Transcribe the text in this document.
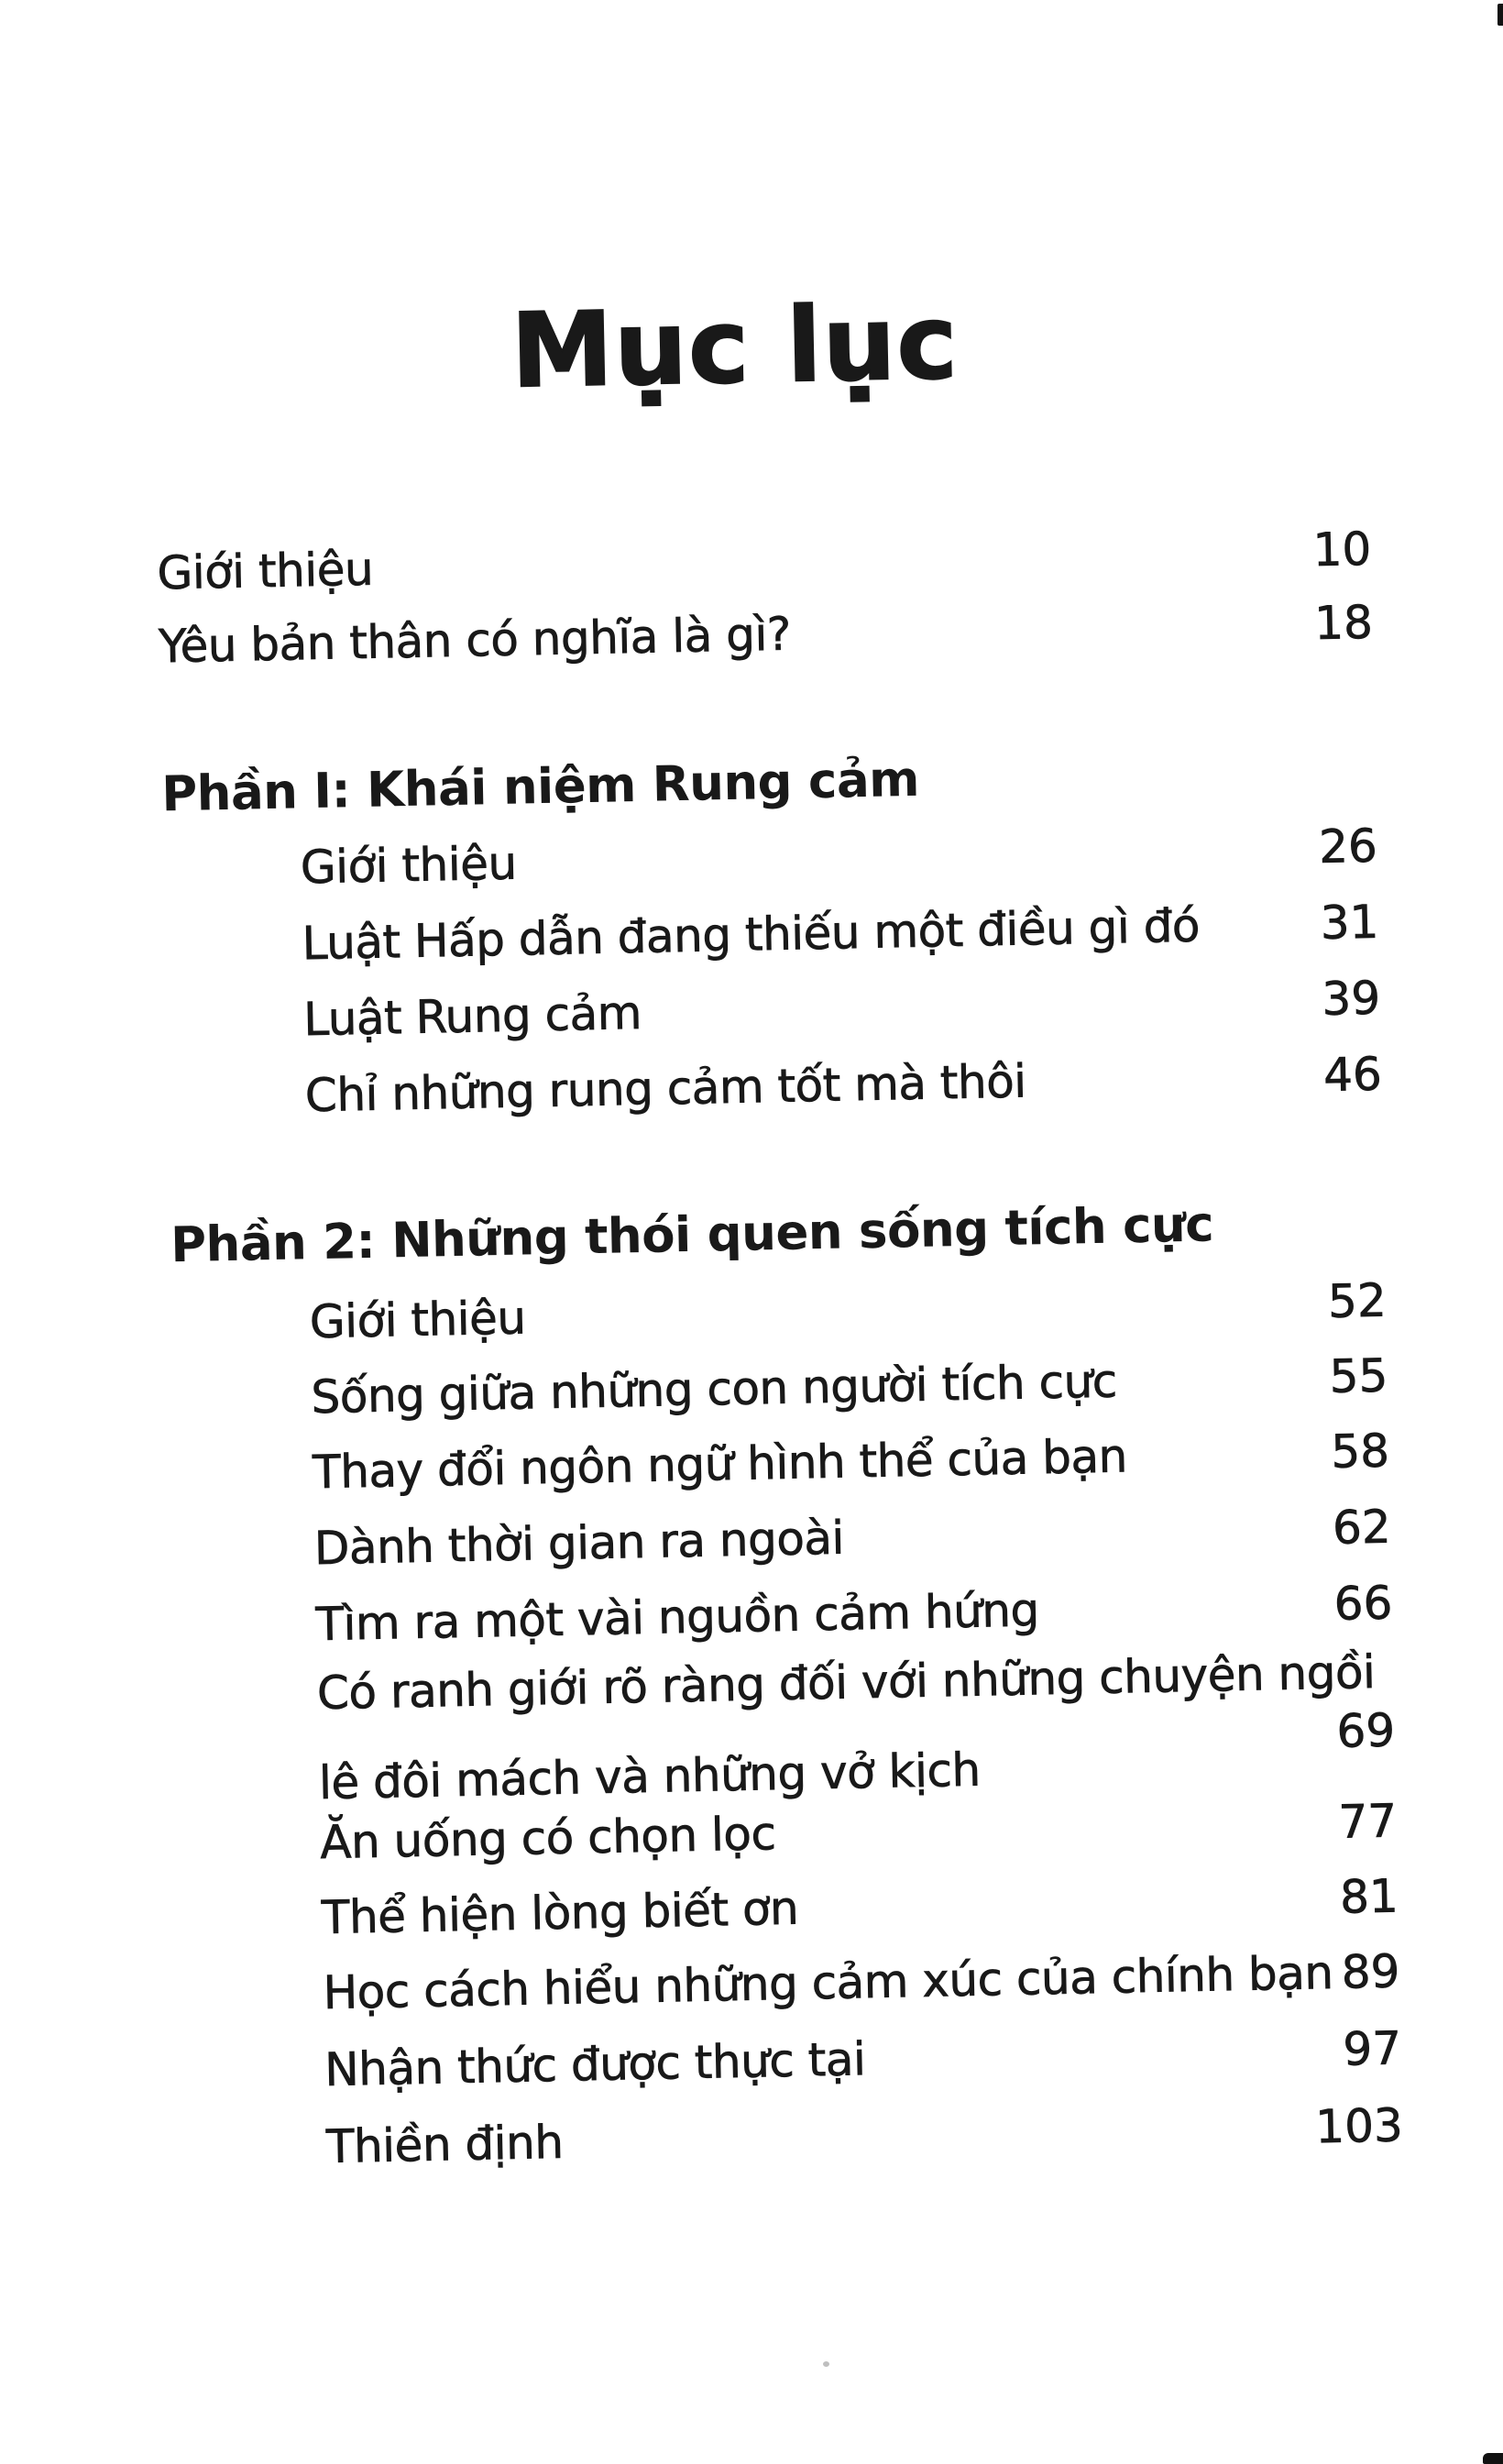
Mục lục
Giới thiệu	10
Yêu bản thân có nghĩa là gì?	18
Phần I: Khái niệm Rung cảm
Giới thiệu	26
Luật Hấp dẫn đang thiếu một điều gì đó	31
Luật Rung cảm	39
Chỉ những rung cảm tốt mà thôi	46
Phần 2: Những thói quen sống tích cực
Giới thiệu	52
Sống giữa những con người tích cực	55
Thay đổi ngôn ngữ hình thể của bạn	58
Dành thời gian ra ngoài	62
Tìm ra một vài nguồn cảm hứng	66
Có ranh giới rõ ràng đối với những chuyện ngồi lê đôi mách và những vở kịch
69
Ăn uống có chọn lọc	77
Thể hiện lòng biết ơn	81
Học cách hiểu những cảm xúc của chính bạn 89
Nhận thức được thực tại	97
Thiền định	103
